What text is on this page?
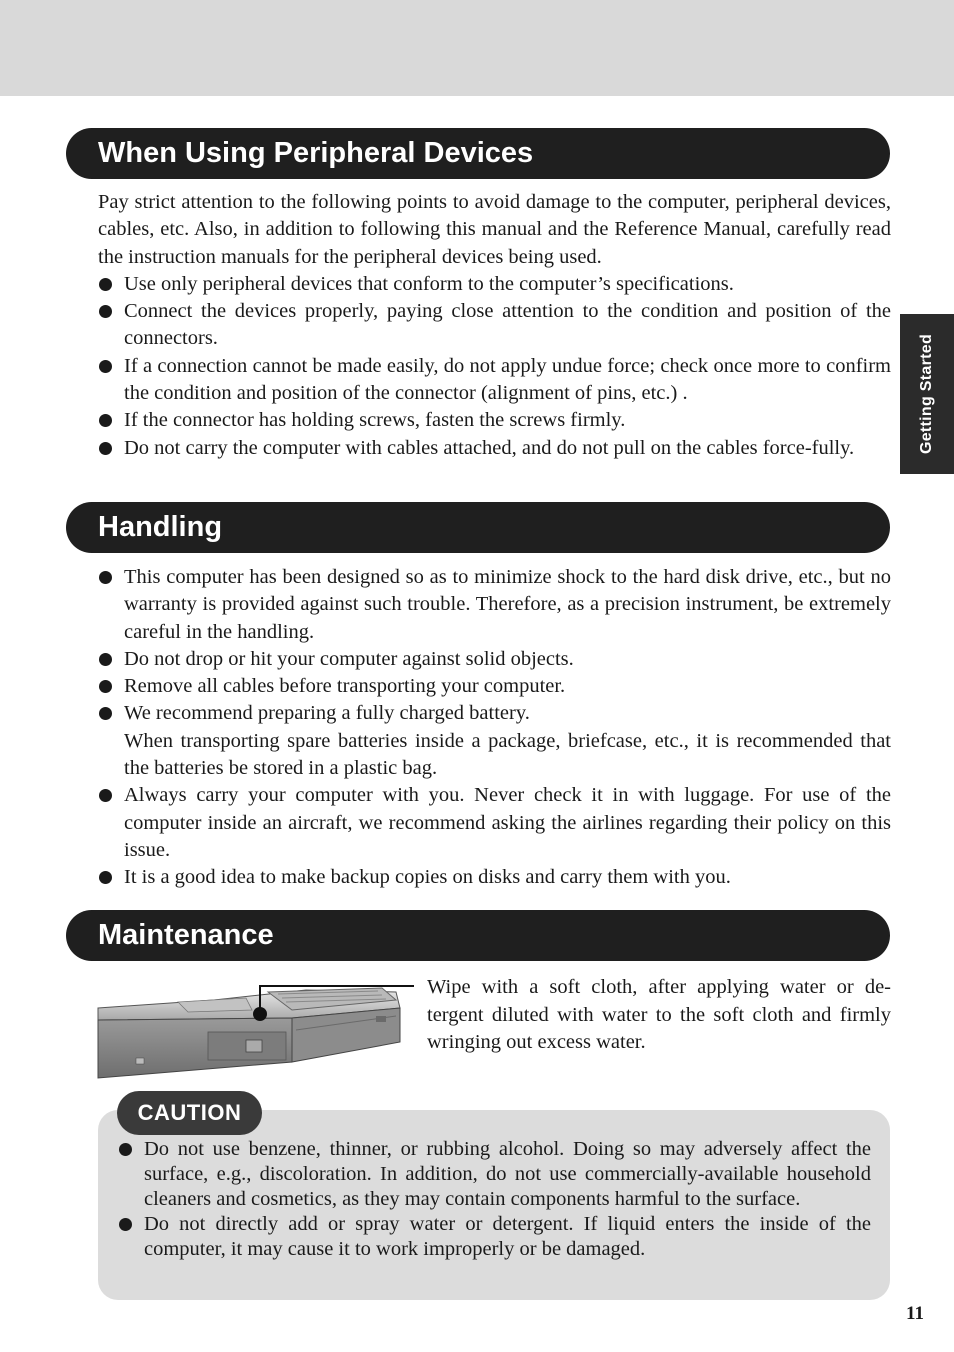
Getting Started
When Using Peripheral Devices

Pay strict attention to the following points to avoid damage to the computer, peripheral devices, cables, etc. Also, in addition to following this manual and the Reference Manual, carefully read the instruction manuals for the peripheral devices being used.

Use only peripheral devices that conform to the computer’s specifications.
Connect the devices properly, paying close attention to the condition and position of the connectors.
If a connection cannot be made easily, do not apply undue force; check once more to confirm the condition and position of the connector (alignment of pins, etc.) .
If the connector has holding screws, fasten the screws firmly.
Do not carry the computer with cables attached, and do not pull on the cables force-fully.
Handling
This computer has been designed so as to minimize shock to the hard disk drive, etc., but no warranty is provided against such trouble. Therefore, as a precision instrument, be extremely careful in the handling.
Do not drop or hit your computer against solid objects.
Remove all cables before transporting your computer.
We recommend preparing a fully charged battery.
When transporting spare batteries inside a package, briefcase, etc., it is recommended that the batteries be stored in a plastic bag.
Always carry your computer with you. Never check it in with luggage. For use of the computer inside an aircraft, we recommend asking the airlines regarding their policy on this issue.
It is a good idea to make backup copies on disks and carry them with you.
Maintenance
Wipe with a soft cloth, after applying water or de-tergent diluted with water to the soft cloth and firmly wringing out excess water.
CAUTION
Do not use benzene, thinner, or rubbing alcohol. Doing so may adversely affect the surface, e.g., discoloration. In addition, do not use commercially-available household cleaners and cosmetics, as they may contain components harmful to the surface.
Do not directly add or spray water or detergent. If liquid enters the inside of the computer, it may cause it to work improperly or be damaged.
11
